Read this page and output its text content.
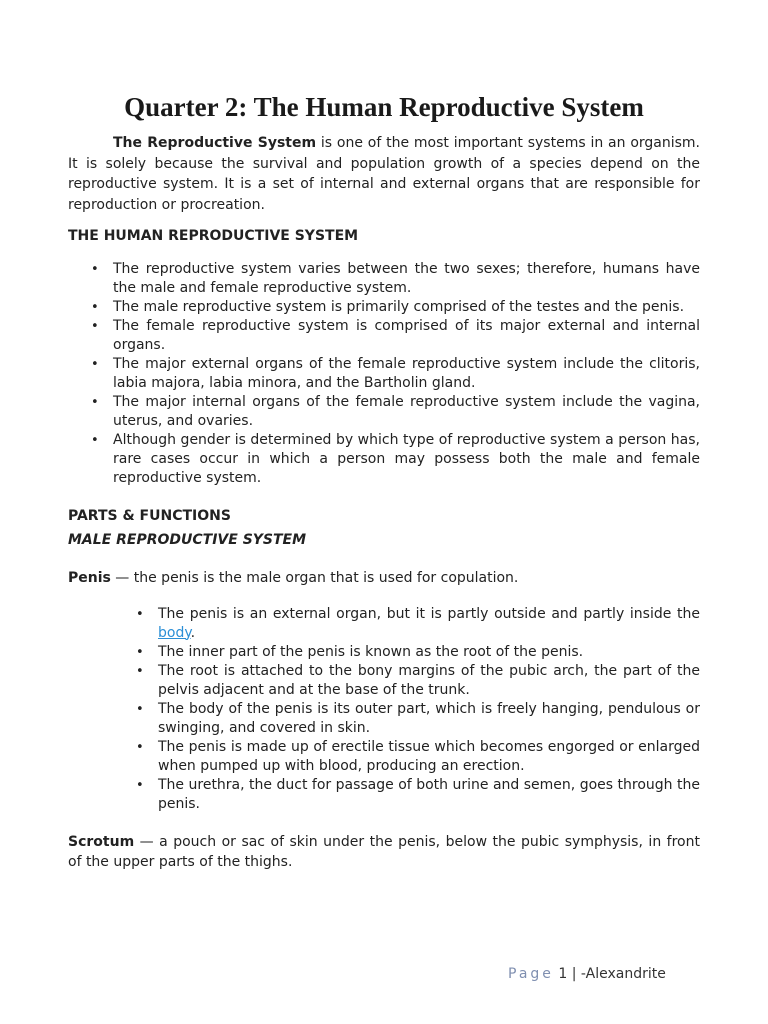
Quarter 2: The Human Reproductive System

The Reproductive System is one of the most important systems in an organism. It is solely because the survival and population growth of a species depend on the reproductive system. It is a set of internal and external organs that are responsible for reproduction or procreation.

THE HUMAN REPRODUCTIVE SYSTEM
• The reproductive system varies between the two sexes; therefore, humans have the male and female reproductive system.
• The male reproductive system is primarily comprised of the testes and the penis.
• The female reproductive system is comprised of its major external and internal organs.
• The major external organs of the female reproductive system include the clitoris, labia majora, labia minora, and the Bartholin gland.
• The major internal organs of the female reproductive system include the vagina, uterus, and ovaries.
• Although gender is determined by which type of reproductive system a person has, rare cases occur in which a person may possess both the male and female reproductive system.
PARTS & FUNCTIONS
MALE REPRODUCTIVE SYSTEM

Penis — the penis is the male organ that is used for copulation.

• The penis is an external organ, but it is partly outside and partly inside the body.
• The inner part of the penis is known as the root of the penis.
• The root is attached to the bony margins of the pubic arch, the part of the pelvis adjacent and at the base of the trunk.
• The body of the penis is its outer part, which is freely hanging, pendulous or swinging, and covered in skin.
• The penis is made up of erectile tissue which becomes engorged or enlarged when pumped up with blood, producing an erection.
• The urethra, the duct for passage of both urine and semen, goes through the penis.

Scrotum — a pouch or sac of skin under the penis, below the pubic symphysis, in front of the upper parts of the thighs.

Page 1 | -Alexandrite
